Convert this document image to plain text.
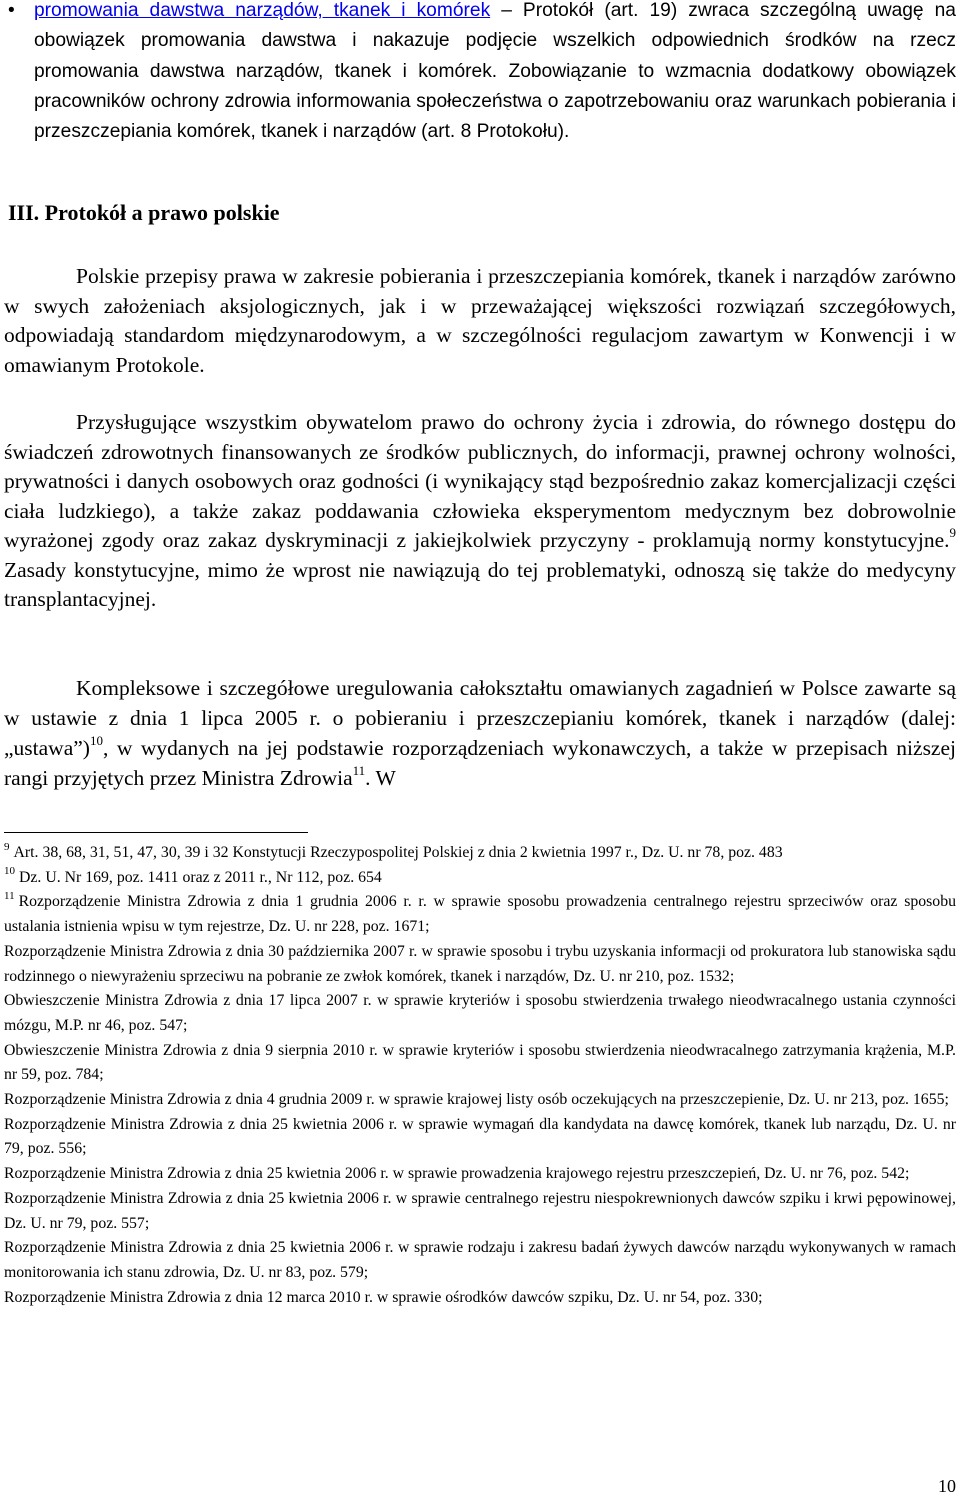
•	promowania dawstwa narządów, tkanek i komórek – Protokół (art. 19) zwraca szczególną uwagę na obowiązek promowania dawstwa i nakazuje podjęcie wszelkich odpowiednich środków na rzecz promowania dawstwa narządów, tkanek i komórek. Zobowiązanie to wzmacnia dodatkowy obowiązek pracowników ochrony zdrowia informowania społeczeństwa o zapotrzebowaniu oraz warunkach pobierania i przeszczepiania komórek, tkanek i narządów (art. 8 Protokołu).

III. Protokół a prawo polskie

Polskie przepisy prawa w zakresie pobierania i przeszczepiania komórek, tkanek i narządów zarówno w swych założeniach aksjologicznych, jak i w przeważającej większości rozwiązań szczegółowych, odpowiadają standardom międzynarodowym, a w szczególności regulacjom zawartym w Konwencji i w omawianym Protokole.

Przysługujące wszystkim obywatelom prawo do ochrony życia i zdrowia, do równego dostępu do świadczeń zdrowotnych finansowanych ze środków publicznych, do informacji, prawnej ochrony wolności, prywatności i danych osobowych oraz godności (i wynikający stąd bezpośrednio zakaz komercjalizacji części ciała ludzkiego), a także zakaz poddawania człowieka eksperymentom medycznym bez dobrowolnie wyrażonej zgody oraz zakaz dyskryminacji z jakiejkolwiek przyczyny - proklamują normy konstytucyjne.$^9$ Zasady konstytucyjne, mimo że wprost nie nawiązują do tej problematyki, odnoszą się także do medycyny transplantacyjnej.

Kompleksowe i szczegółowe uregulowania całokształtu omawianych zagadnień w Polsce zawarte są w ustawie z dnia 1 lipca 2005 r. o pobieraniu i przeszczepianiu komórek, tkanek i narządów (dalej: „ustawa”)$^{10}$, w wydanych na jej podstawie rozporządzeniach wykonawczych, a także w przepisach niższej rangi przyjętych przez Ministra Zdrowia$^{11}$. W

$^9$ Art. 38, 68, 31, 51, 47, 30, 39 i 32 Konstytucji Rzeczypospolitej Polskiej z dnia 2 kwietnia 1997 r., Dz. U. nr 78, poz. 483

$^{10}$ Dz. U. Nr 169, poz. 1411 oraz z 2011 r., Nr 112, poz. 654

$^{11}$ Rozporządzenie Ministra Zdrowia z dnia 1 grudnia 2006 r. r. w sprawie sposobu prowadzenia centralnego rejestru sprzeciwów oraz sposobu ustalania istnienia wpisu w tym rejestrze, Dz. U. nr 228, poz. 1671;

Rozporządzenie Ministra Zdrowia z dnia 30 października 2007 r. w sprawie sposobu i trybu uzyskania informacji od prokuratora lub stanowiska sądu rodzinnego o niewyrażeniu sprzeciwu na pobranie ze zwłok komórek, tkanek i narządów, Dz. U. nr 210, poz. 1532;

Obwieszczenie Ministra Zdrowia z dnia 17 lipca 2007 r. w sprawie kryteriów i sposobu stwierdzenia trwałego nieodwracalnego ustania czynności mózgu, M.P. nr 46, poz. 547;

Obwieszczenie Ministra Zdrowia z dnia 9 sierpnia 2010 r. w sprawie kryteriów i sposobu stwierdzenia nieodwracalnego zatrzymania krążenia, M.P. nr 59, poz. 784;

Rozporządzenie Ministra Zdrowia z dnia 4 grudnia 2009 r. w sprawie krajowej listy osób oczekujących na przeszczepienie, Dz. U. nr 213, poz. 1655;

Rozporządzenie Ministra Zdrowia z dnia 25 kwietnia 2006 r. w sprawie wymagań dla kandydata na dawcę komórek, tkanek lub narządu, Dz. U. nr 79, poz. 556;

Rozporządzenie Ministra Zdrowia z dnia 25 kwietnia 2006 r. w sprawie prowadzenia krajowego rejestru przeszczepień, Dz. U. nr 76, poz. 542;

Rozporządzenie Ministra Zdrowia z dnia 25 kwietnia 2006 r. w sprawie centralnego rejestru niespokrewnionych dawców szpiku i krwi pępowinowej, Dz. U. nr 79, poz. 557;

Rozporządzenie Ministra Zdrowia z dnia 25 kwietnia 2006 r. w sprawie rodzaju i zakresu badań żywych dawców narządu wykonywanych w ramach monitorowania ich stanu zdrowia, Dz. U. nr 83, poz. 579;

Rozporządzenie Ministra Zdrowia z dnia 12 marca 2010 r. w sprawie ośrodków dawców szpiku, Dz. U. nr 54, poz. 330;

10
